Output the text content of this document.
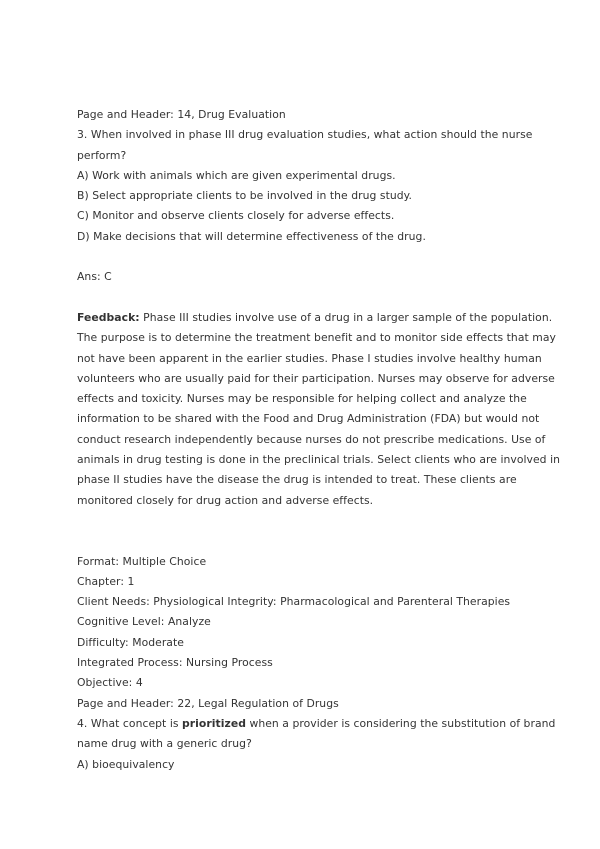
Page and Header: 14, Drug Evaluation
3. When involved in phase III drug evaluation studies, what action should the nurse
perform?
A) Work with animals which are given experimental drugs.
B) Select appropriate clients to be involved in the drug study.
C) Monitor and observe clients closely for adverse effects.
D) Make decisions that will determine effectiveness of the drug.

Ans: C

Feedback: Phase III studies involve use of a drug in a larger sample of the population.
The purpose is to determine the treatment benefit and to monitor side effects that may
not have been apparent in the earlier studies. Phase I studies involve healthy human
volunteers who are usually paid for their participation. Nurses may observe for adverse
effects and toxicity. Nurses may be responsible for helping collect and analyze the
information to be shared with the Food and Drug Administration (FDA) but would not
conduct research independently because nurses do not prescribe medications. Use of
animals in drug testing is done in the preclinical trials. Select clients who are involved in
phase II studies have the disease the drug is intended to treat. These clients are
monitored closely for drug action and adverse effects.

Format: Multiple Choice
Chapter: 1
Client Needs: Physiological Integrity: Pharmacological and Parenteral Therapies
Cognitive Level: Analyze
Difficulty: Moderate
Integrated Process: Nursing Process
Objective: 4
Page and Header: 22, Legal Regulation of Drugs
4. What concept is prioritized when a provider is considering the substitution of brand
name drug with a generic drug?
A) bioequivalency
